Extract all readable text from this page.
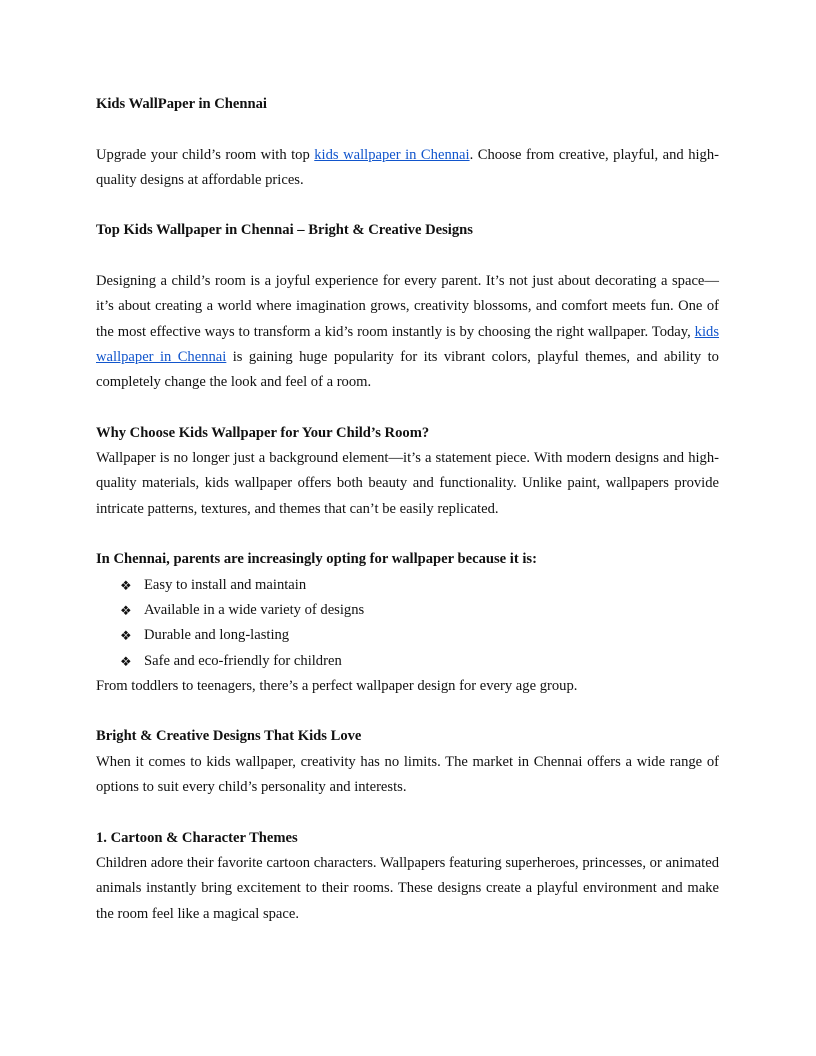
Kids WallPaper in Chennai

Upgrade your child’s room with top kids wallpaper in Chennai. Choose from creative, playful, and high-quality designs at affordable prices.

Top Kids Wallpaper in Chennai – Bright & Creative Designs

Designing a child’s room is a joyful experience for every parent. It’s not just about decorating a space—it’s about creating a world where imagination grows, creativity blossoms, and comfort meets fun. One of the most effective ways to transform a kid’s room instantly is by choosing the right wallpaper. Today, kids wallpaper in Chennai is gaining huge popularity for its vibrant colors, playful themes, and ability to completely change the look and feel of a room.

Why Choose Kids Wallpaper for Your Child’s Room?

Wallpaper is no longer just a background element—it’s a statement piece. With modern designs and high-quality materials, kids wallpaper offers both beauty and functionality. Unlike paint, wallpapers provide intricate patterns, textures, and themes that can’t be easily replicated.

In Chennai, parents are increasingly opting for wallpaper because it is:

❖ Easy to install and maintain
❖ Available in a wide variety of designs
❖ Durable and long-lasting
❖ Safe and eco-friendly for children

From toddlers to teenagers, there’s a perfect wallpaper design for every age group.

Bright & Creative Designs That Kids Love

When it comes to kids wallpaper, creativity has no limits. The market in Chennai offers a wide range of options to suit every child’s personality and interests.

1. Cartoon & Character Themes

Children adore their favorite cartoon characters. Wallpapers featuring superheroes, princesses, or animated animals instantly bring excitement to their rooms. These designs create a playful environment and make the room feel like a magical space.
